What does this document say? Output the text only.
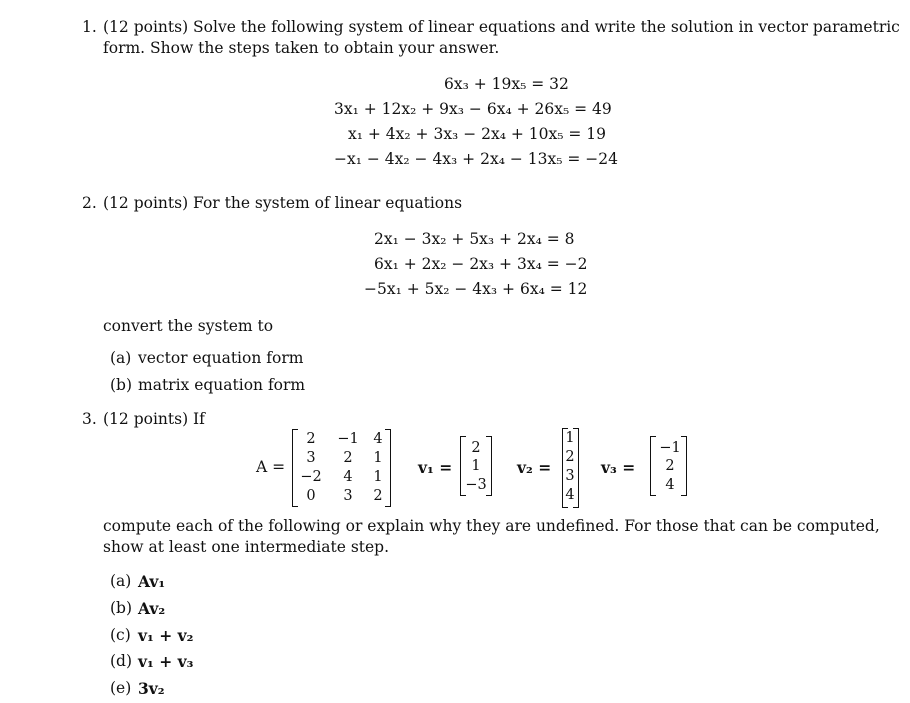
1. (12 points) Solve the following system of linear equations and write the solution in vector parametric
form. Show the steps taken to obtain your answer.
6x₃ + 19x₅ = 32
3x₁ + 12x₂ + 9x₃ − 6x₄ + 26x₅ = 49
x₁ + 4x₂ + 3x₃ − 2x₄ + 10x₅ = 19
−x₁ − 4x₂ − 4x₃ + 2x₄ − 13x₅ = −24
2. (12 points) For the system of linear equations
2x₁ − 3x₂ + 5x₃ + 2x₄ = 8
6x₁ + 2x₂ − 2x₃ + 3x₄ = −2
−5x₁ + 5x₂ − 4x₃ + 6x₄ = 12
convert the system to
(a) vector equation form
(b) matrix equation form
3. (12 points) If
A =
2	−1	4
3	2	1
−2	4	1
0	3	2
v₁ =
2
1
−3
v₂ =
1
2
3
4
v₃ =
−1
2
4
compute each of the following or explain why they are undefined. For those that can be computed,
show at least one intermediate step.
(a) Av₁
(b) Av₂
(c) v₁ + v₂
(d) v₁ + v₃
(e) 3v₂
